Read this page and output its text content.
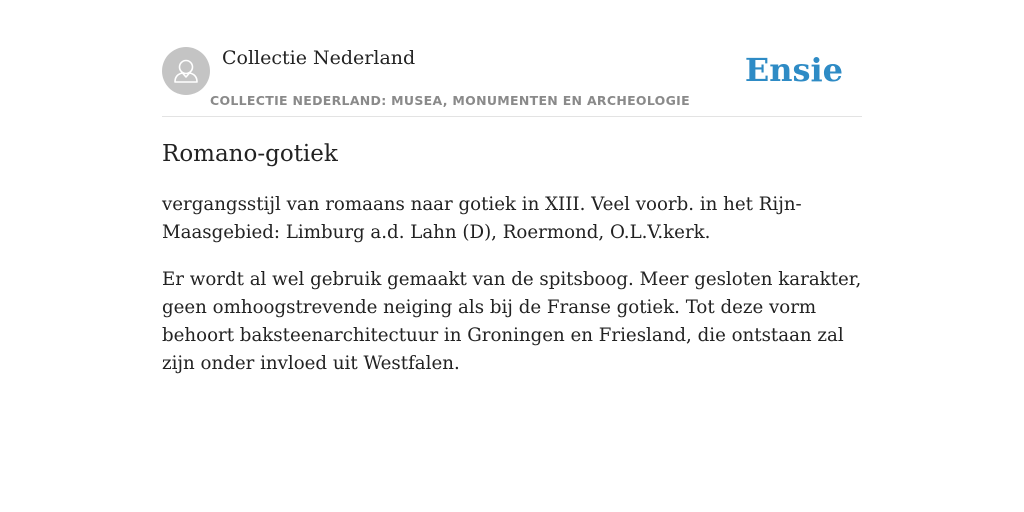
Collectie Nederland
COLLECTIE NEDERLAND: MUSEA, MONUMENTEN EN ARCHEOLOGIE
Ensie
Romano-gotiek

vergangsstijl van romaans naar gotiek in XIII. Veel voorb. in het Rijn-Maasgebied: Limburg a.d. Lahn (D), Roermond, O.L.V.kerk.

Er wordt al wel gebruik gemaakt van de spitsboog. Meer gesloten karakter, geen omhoogstrevende neiging als bij de Franse gotiek. Tot deze vorm behoort baksteenarchitectuur in Groningen en Friesland, die ontstaan zal zijn onder invloed uit Westfalen.
